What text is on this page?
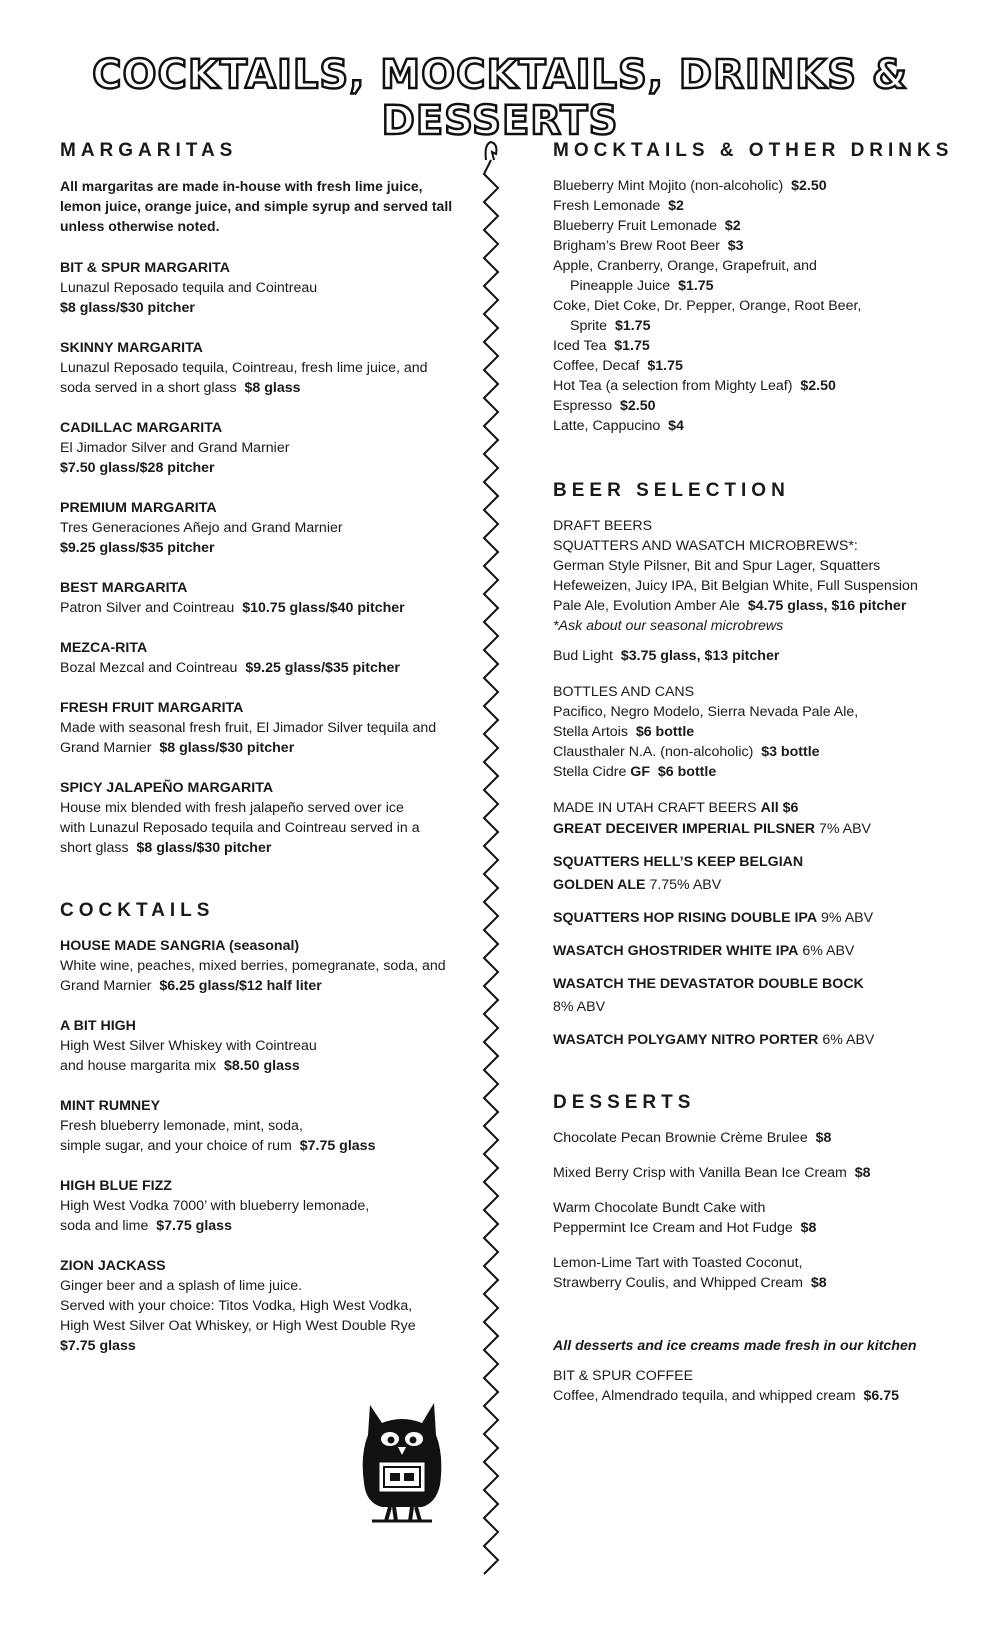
COCKTAILS, MOCKTAILS, DRINKS & DESSERTS
MARGARITAS
All margaritas are made in-house with fresh lime juice, lemon juice, orange juice, and simple syrup and served tall unless otherwise noted.
BIT & SPUR MARGARITA
Lunazul Reposado tequila and Cointreau
$8 glass/$30 pitcher
SKINNY MARGARITA
Lunazul Reposado tequila, Cointreau, fresh lime juice, and
soda served in a short glass $8 glass
CADILLAC MARGARITA
El Jimador Silver and Grand Marnier
$7.50 glass/$28 pitcher
PREMIUM MARGARITA
Tres Generaciones Añejo and Grand Marnier
$9.25 glass/$35 pitcher
BEST MARGARITA
Patron Silver and Cointreau $10.75 glass/$40 pitcher
MEZCA-RITA
Bozal Mezcal and Cointreau $9.25 glass/$35 pitcher
FRESH FRUIT MARGARITA
Made with seasonal fresh fruit, El Jimador Silver tequila and
Grand Marnier $8 glass/$30 pitcher
SPICY JALAPEÑO MARGARITA
House mix blended with fresh jalapeño served over ice
with Lunazul Reposado tequila and Cointreau served in a
short glass $8 glass/$30 pitcher
COCKTAILS
HOUSE MADE SANGRIA (seasonal)
White wine, peaches, mixed berries, pomegranate, soda, and
Grand Marnier $6.25 glass/$12 half liter
A BIT HIGH
High West Silver Whiskey with Cointreau
and house margarita mix $8.50 glass
MINT RUMNEY
Fresh blueberry lemonade, mint, soda,
simple sugar, and your choice of rum $7.75 glass
HIGH BLUE FIZZ
High West Vodka 7000’ with blueberry lemonade,
soda and lime $7.75 glass
ZION JACKASS
Ginger beer and a splash of lime juice.
Served with your choice: Titos Vodka, High West Vodka,
High West Silver Oat Whiskey, or High West Double Rye
$7.75 glass
MOCKTAILS & OTHER DRINKS
Blueberry Mint Mojito (non-alcoholic) $2.50
Fresh Lemonade $2
Blueberry Fruit Lemonade $2
Brigham’s Brew Root Beer $3
Apple, Cranberry, Orange, Grapefruit, and
Pineapple Juice $1.75
Coke, Diet Coke, Dr. Pepper, Orange, Root Beer,
Sprite $1.75
Iced Tea $1.75
Coffee, Decaf $1.75
Hot Tea (a selection from Mighty Leaf) $2.50
Espresso $2.50
Latte, Cappucino $4
BEER SELECTION
DRAFT BEERS
SQUATTERS AND WASATCH MICROBREWS*:
German Style Pilsner, Bit and Spur Lager, Squatters
Hefeweizen, Juicy IPA, Bit Belgian White, Full Suspension
Pale Ale, Evolution Amber Ale $4.75 glass, $16 pitcher
*Ask about our seasonal microbrews
Bud Light $3.75 glass, $13 pitcher
BOTTLES AND CANS
Pacifico, Negro Modelo, Sierra Nevada Pale Ale,
Stella Artois $6 bottle
Clausthaler N.A. (non-alcoholic) $3 bottle
Stella Cidre GF $6 bottle
MADE IN UTAH CRAFT BEERS All $6
GREAT DECEIVER IMPERIAL PILSNER 7% ABV
SQUATTERS HELL’S KEEP BELGIAN
GOLDEN ALE 7.75% ABV
SQUATTERS HOP RISING DOUBLE IPA 9% ABV
WASATCH GHOSTRIDER WHITE IPA 6% ABV
WASATCH THE DEVASTATOR DOUBLE BOCK
8% ABV
WASATCH POLYGAMY NITRO PORTER 6% ABV
DESSERTS
Chocolate Pecan Brownie Crème Brulee $8
Mixed Berry Crisp with Vanilla Bean Ice Cream $8
Warm Chocolate Bundt Cake with
Peppermint Ice Cream and Hot Fudge $8
Lemon-Lime Tart with Toasted Coconut,
Strawberry Coulis, and Whipped Cream $8
All desserts and ice creams made fresh in our kitchen
BIT & SPUR COFFEE
Coffee, Almendrado tequila, and whipped cream $6.75
